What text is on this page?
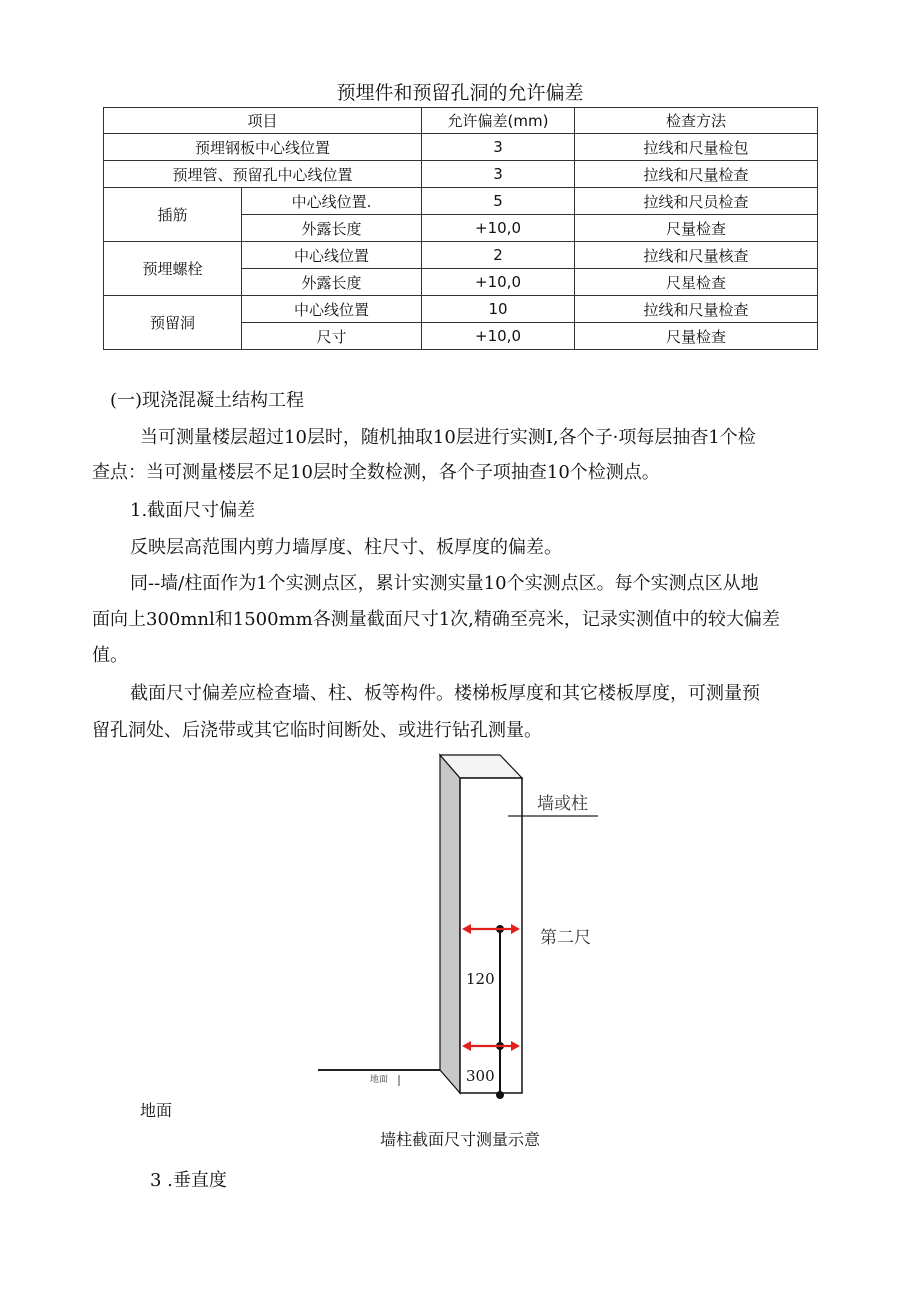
预埋件和预留孔洞的允许偏差
项目		允许偏差(mm)	检查方法
预埋钢板中心线位置		3	拉线和尺量检包
预埋管、预留孔中心线位置		3	拉线和尺量检查
插筋	中心线位置.	5	拉线和尺员检查
	外露长度	+10,0	尺量检查
预埋螺栓	中心线位置	2	拉线和尺量核查
	外露长度	+10,0	尺星检查
预留洞	中心线位置	10	拉线和尺量检查
	尺寸	+10,0	尺量检查

(一)现浇混凝土结构工程

当可测量楼层超过10层时，随机抽取10层进行实测I,各个子·项每层抽杳1个检

查点：当可测量楼层不足10层时全数检测，各个子项抽查10个检测点。

1.截面尺寸偏差

反映层高范围内剪力墙厚度、柱尺寸、板厚度的偏差。

同--墙/柱面作为1个实测点区，累计实测实量10个实测点区。每个实测点区从地

面向上300mnl和1500mm各测量截面尺寸1次,精确至亮米，记录实测值中的较大偏差

值。

截面尺寸偏差应检查墙、柱、板等构件。楼梯板厚度和其它楼板厚度，可测量预

留孔洞处、后浇带或其它临时间断处、或进行钻孔测量。

地面
墙或柱
第二尺
120
300
地面
墙柱截面尺寸测量示意

3 .垂直度
